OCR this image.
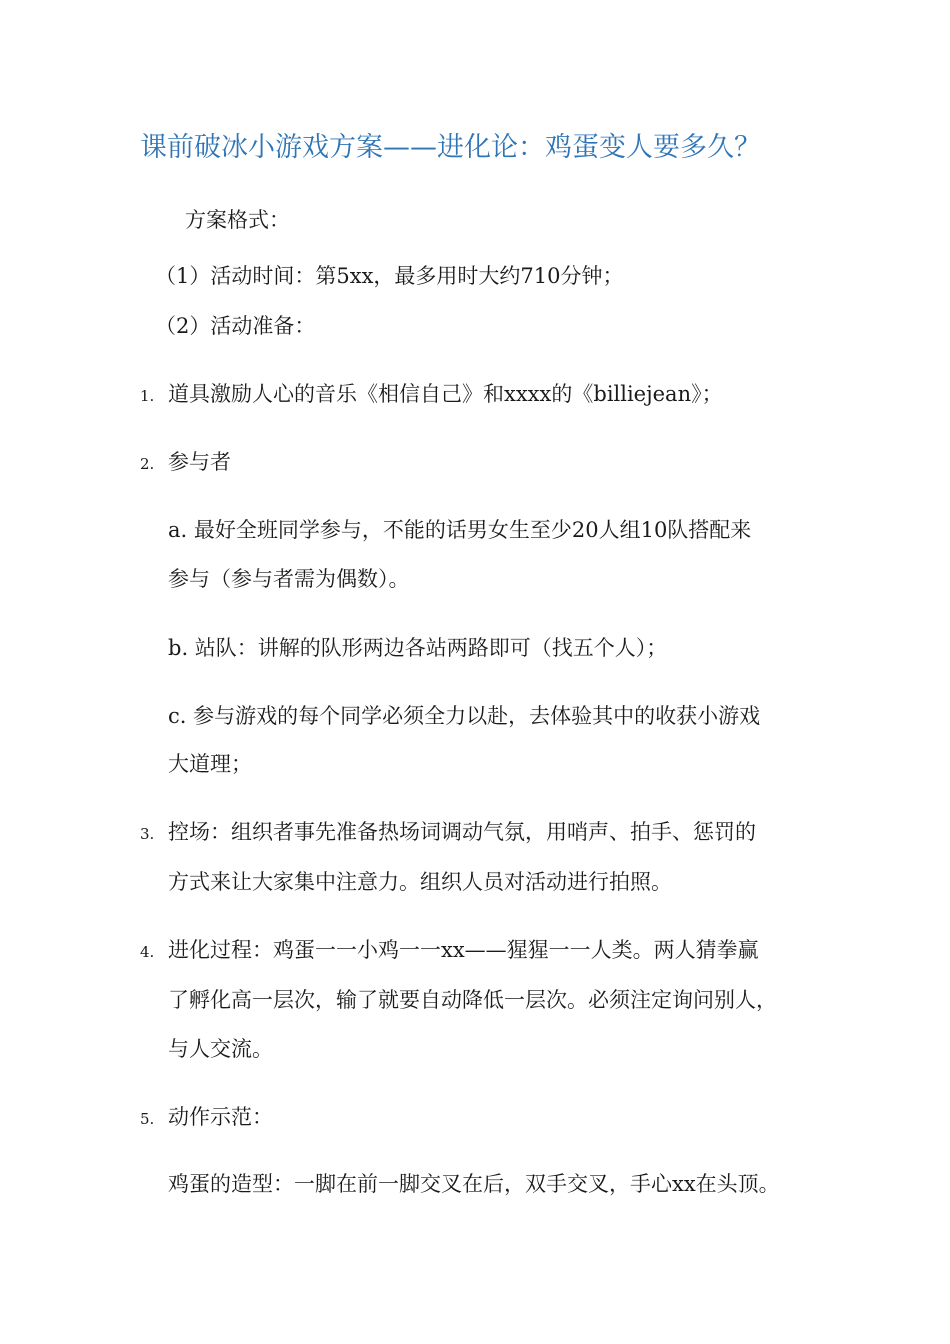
课前破冰小游戏方案——进化论：鸡蛋变人要多久？
方案格式：
（1）活动时间：第5xx，最多用时大约710分钟；
（2）活动准备：
1. 道具激励人心的音乐《相信自己》和xxxx的《billiejean》；
2. 参与者
a. 最好全班同学参与，不能的话男女生至少20人组10队搭配来
参与（参与者需为偶数）。
b. 站队：讲解的队形两边各站两路即可（找五个人）；
c. 参与游戏的每个同学必须全力以赴，去体验其中的收获小游戏
大道理；
3. 控场：组织者事先准备热场词调动气氛，用哨声、拍手、惩罚的
方式来让大家集中注意力。组织人员对活动进行拍照。
4. 进化过程：鸡蛋一一小鸡一一xx——猩猩一一人类。两人猜拳赢
了孵化高一层次，输了就要自动降低一层次。必须注定询问别人，
与人交流。
5. 动作示范：
鸡蛋的造型：一脚在前一脚交叉在后，双手交叉，手心xx在头顶。
